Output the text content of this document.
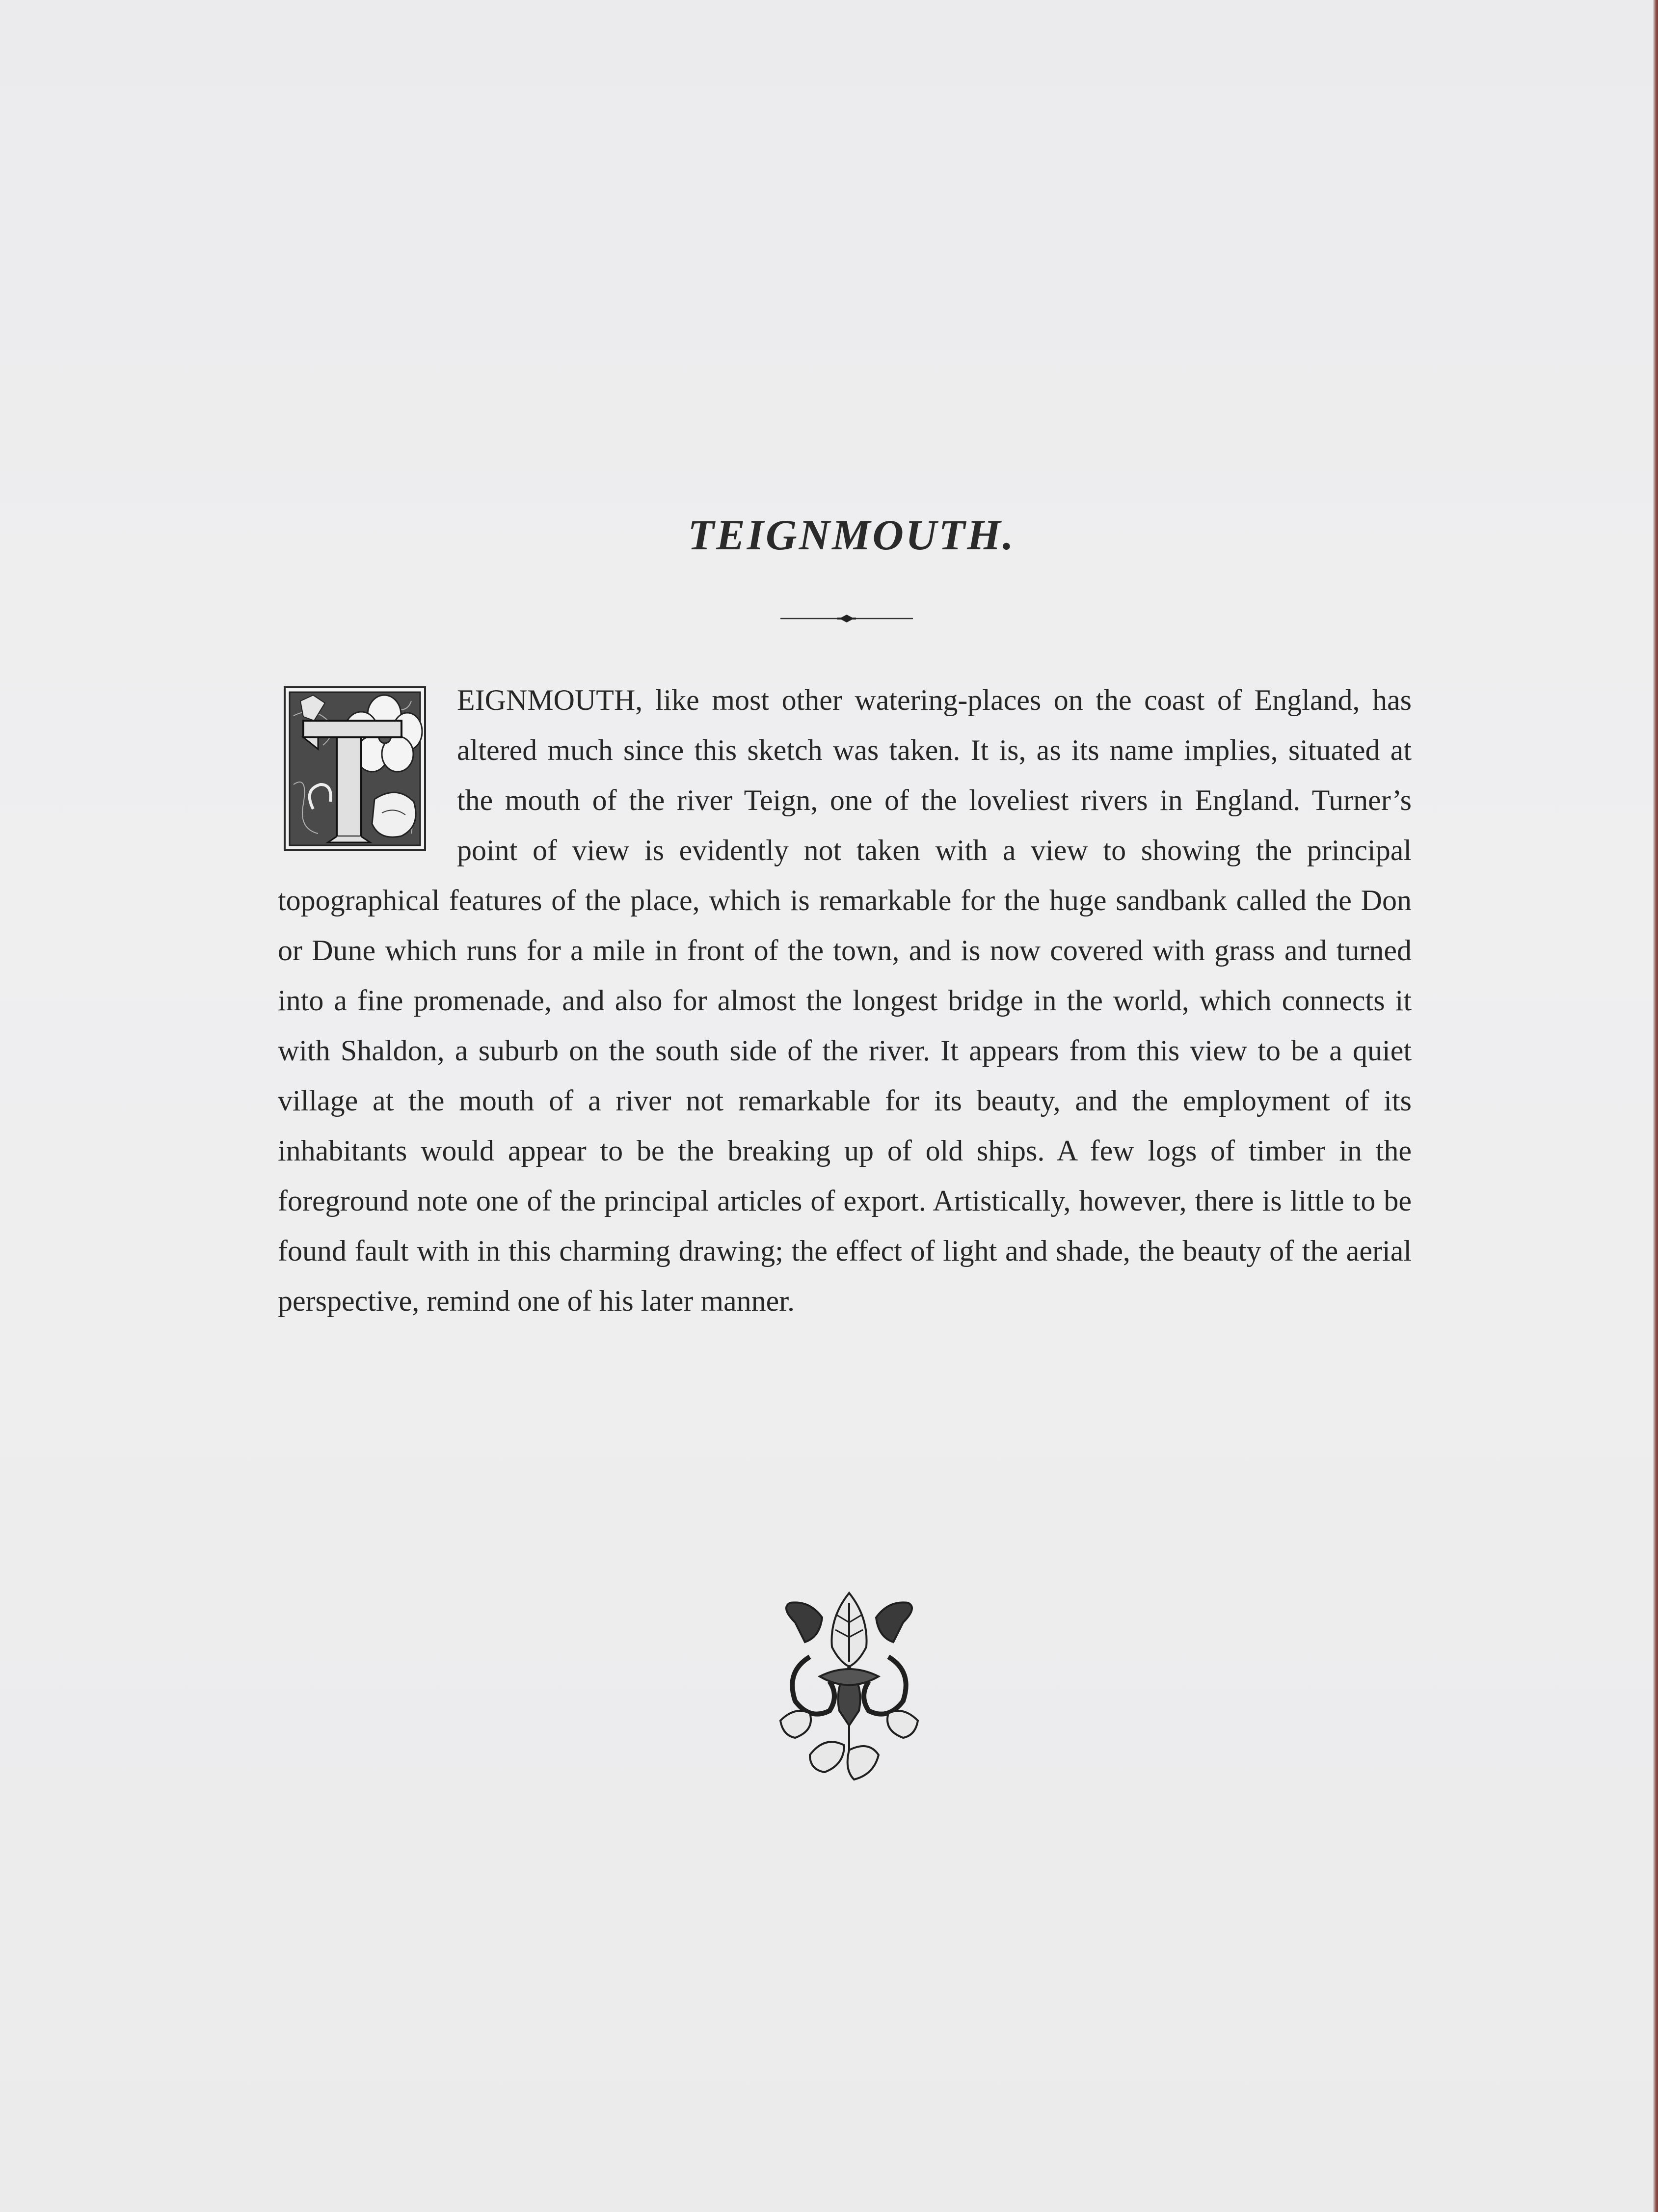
TEIGNMOUTH.

EIGNMOUTH, like most other watering-places on the coast of England, has altered much since this sketch was taken. It is, as its name implies, situated at the mouth of the river Teign, one of the loveliest rivers in England. Turner’s point of view is evidently not taken with a view to showing the principal topographical features of the place, which is remarkable for the huge sandbank called the Don or Dune which runs for a mile in front of the town, and is now covered with grass and turned into a fine promenade, and also for almost the longest bridge in the world, which connects it with Shaldon, a suburb on the south side of the river. It appears from this view to be a quiet village at the mouth of a river not remarkable for its beauty, and the employment of its inhabitants would appear to be the breaking up of old ships. A few logs of timber in the foreground note one of the principal articles of export. Artistically, however, there is little to be found fault with in this charming drawing; the effect of light and shade, the beauty of the aerial perspective, remind one of his later manner.
